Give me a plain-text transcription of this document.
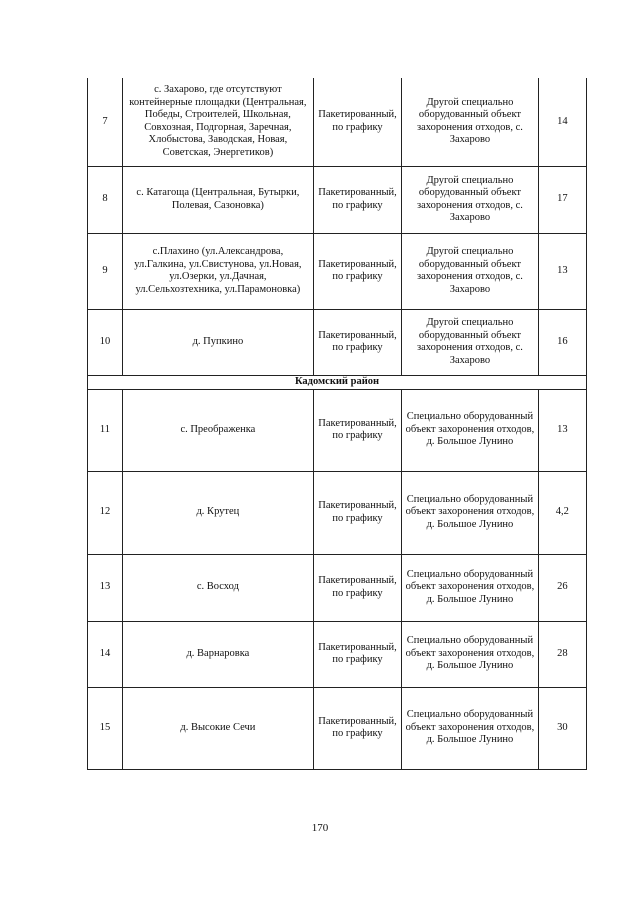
7	с. Захарово, где отсутствуют контейнерные площадки (Центральная, Победы, Строителей, Школьная, Совхозная, Подгорная, Заречная, Хлобыстова, Заводская, Новая, Советская, Энергетиков)	Пакетированный, по графику	Другой специально оборудованный объект захоронения отходов, с. Захарово	14
8	с. Катагоща (Центральная, Бутырки, Полевая, Сазоновка)	Пакетированный, по графику	Другой специально оборудованный объект захоронения отходов, с. Захарово	17
9	с.Плахино (ул.Александрова, ул.Галкина, ул.Свистунова, ул.Новая, ул.Озерки, ул.Дачная, ул.Сельхозтехника, ул.Парамоновка)	Пакетированный, по графику	Другой специально оборудованный объект захоронения отходов, с. Захарово	13
10	д. Пупкино	Пакетированный, по графику	Другой специально оборудованный объект захоронения отходов, с. Захарово	16
Кадомский район				
11	с. Преображенка	Пакетированный, по графику	Специально оборудованный объект захоронения отходов, д. Большое Лунино	13
12	д. Крутец	Пакетированный, по графику	Специально оборудованный объект захоронения отходов, д. Большое Лунино	4,2
13	с. Восход	Пакетированный, по графику	Специально оборудованный объект захоронения отходов, д. Большое Лунино	26
14	д. Варнаровка	Пакетированный, по графику	Специально оборудованный объект захоронения отходов, д. Большое Лунино	28
15	д. Высокие Сечи	Пакетированный, по графику	Специально оборудованный объект захоронения отходов, д. Большое Лунино	30
170
